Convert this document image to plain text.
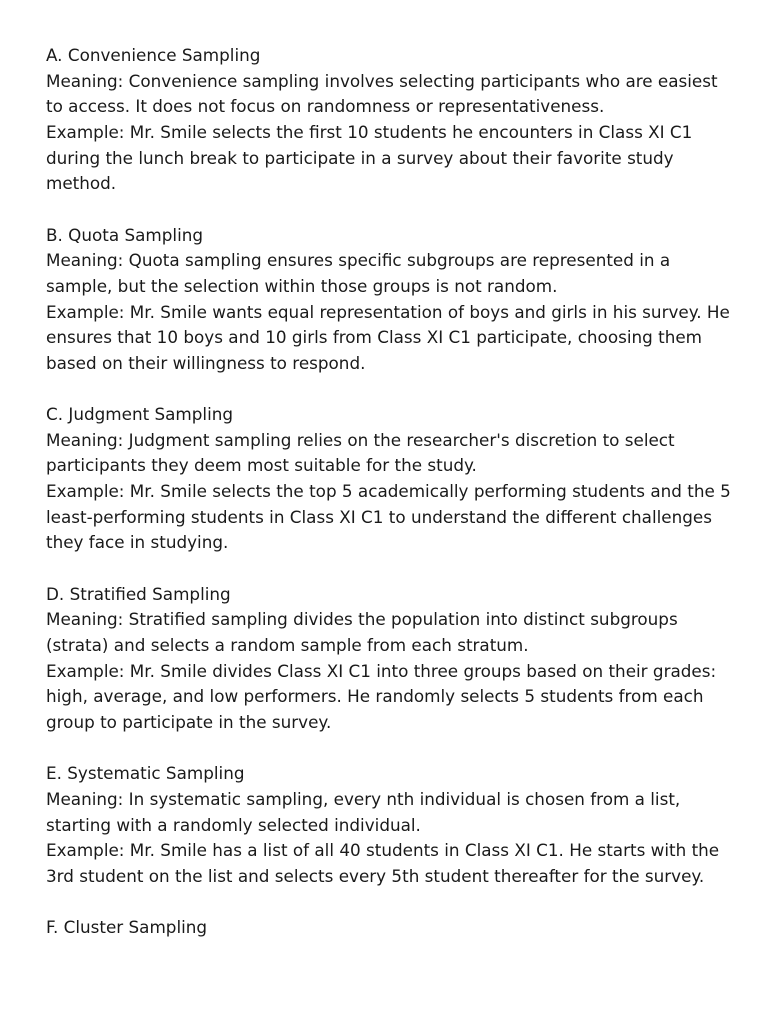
A. Convenience Sampling
Meaning: Convenience sampling involves selecting participants who are easiest
to access. It does not focus on randomness or representativeness.
Example: Mr. Smile selects the first 10 students he encounters in Class XI C1
during the lunch break to participate in a survey about their favorite study
method.
B. Quota Sampling
Meaning: Quota sampling ensures specific subgroups are represented in a
sample, but the selection within those groups is not random.
Example: Mr. Smile wants equal representation of boys and girls in his survey. He
ensures that 10 boys and 10 girls from Class XI C1 participate, choosing them
based on their willingness to respond.
C. Judgment Sampling
Meaning: Judgment sampling relies on the researcher's discretion to select
participants they deem most suitable for the study.
Example: Mr. Smile selects the top 5 academically performing students and the 5
least-performing students in Class XI C1 to understand the different challenges
they face in studying.
D. Stratified Sampling
Meaning: Stratified sampling divides the population into distinct subgroups
(strata) and selects a random sample from each stratum.
Example: Mr. Smile divides Class XI C1 into three groups based on their grades:
high, average, and low performers. He randomly selects 5 students from each
group to participate in the survey.
E. Systematic Sampling
Meaning: In systematic sampling, every nth individual is chosen from a list,
starting with a randomly selected individual.
Example: Mr. Smile has a list of all 40 students in Class XI C1. He starts with the
3rd student on the list and selects every 5th student thereafter for the survey.
F. Cluster Sampling
